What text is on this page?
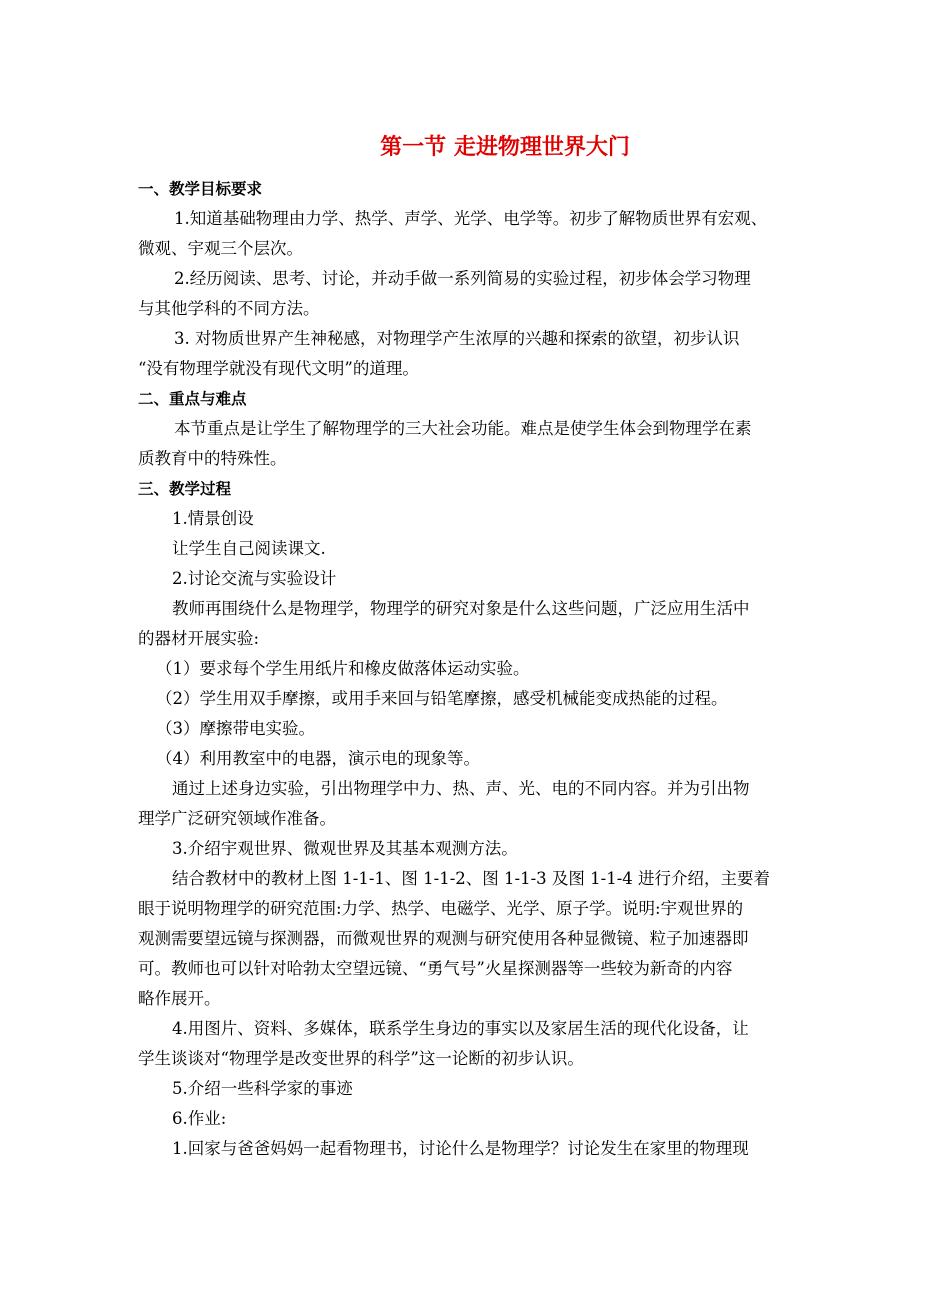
第一节 走进物理世界大门
一、教学目标要求
1.知道基础物理由力学、热学、声学、光学、电学等。初步了解物质世界有宏观、
微观、宇观三个层次。
2.经历阅读、思考、讨论，并动手做一系列简易的实验过程，初步体会学习物理
与其他学科的不同方法。
3. 对物质世界产生神秘感，对物理学产生浓厚的兴趣和探索的欲望，初步认识
“没有物理学就没有现代文明”的道理。
二、重点与难点
本节重点是让学生了解物理学的三大社会功能。难点是使学生体会到物理学在素
质教育中的特殊性。
三、教学过程
1.情景创设
让学生自己阅读课文.
2.讨论交流与实验设计
教师再围绕什么是物理学，物理学的研究对象是什么这些问题，广泛应用生活中
的器材开展实验:
（1）要求每个学生用纸片和橡皮做落体运动实验。
（2）学生用双手摩擦，或用手来回与铅笔摩擦，感受机械能变成热能的过程。
（3）摩擦带电实验。
（4）利用教室中的电器，演示电的现象等。
通过上述身边实验，引出物理学中力、热、声、光、电的不同内容。并为引出物
理学广泛研究领域作准备。
3.介绍宇观世界、微观世界及其基本观测方法。
结合教材中的教材上图 1-1-1、图 1-1-2、图 1-1-3 及图 1-1-4 进行介绍，主要着
眼于说明物理学的研究范围:力学、热学、电磁学、光学、原子学。说明:宇观世界的
观测需要望远镜与探测器，而微观世界的观测与研究使用各种显微镜、粒子加速器即
可。教师也可以针对哈勃太空望远镜、“勇气号”火星探测器等一些较为新奇的内容
略作展开。
4.用图片、资料、多媒体，联系学生身边的事实以及家居生活的现代化设备，让
学生谈谈对“物理学是改变世界的科学”这一论断的初步认识。
5.介绍一些科学家的事迹
6.作业:
1.回家与爸爸妈妈一起看物理书，讨论什么是物理学？讨论发生在家里的物理现
